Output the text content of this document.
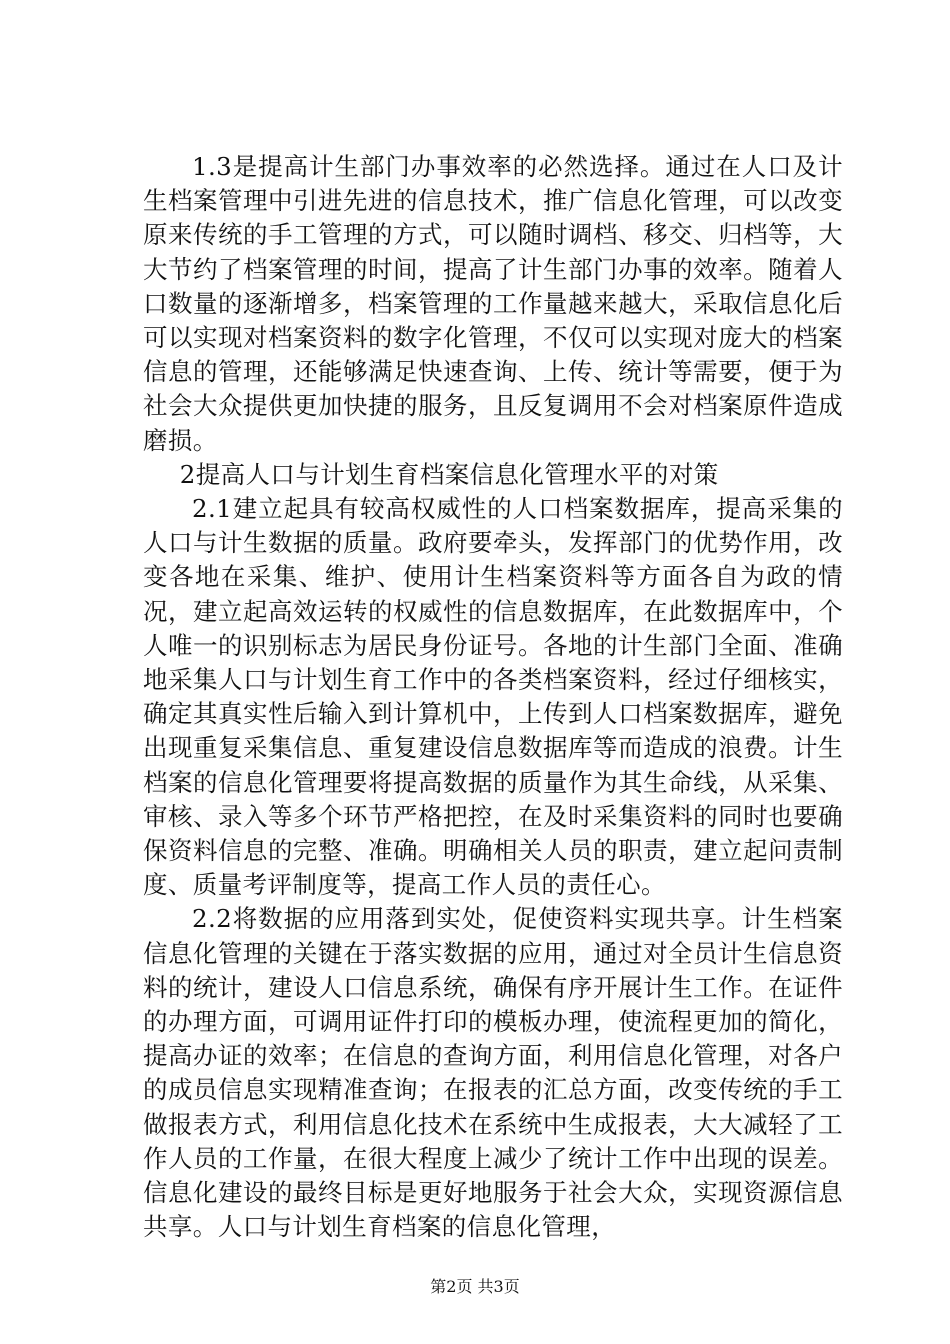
1.3是提高计生部门办事效率的必然选择。通过在人口及计生档案管理中引进先进的信息技术，推广信息化管理，可以改变原来传统的手工管理的方式，可以随时调档、移交、归档等，大大节约了档案管理的时间，提高了计生部门办事的效率。随着人口数量的逐渐增多，档案管理的工作量越来越大，采取信息化后可以实现对档案资料的数字化管理，不仅可以实现对庞大的档案信息的管理，还能够满足快速查询、上传、统计等需要，便于为社会大众提供更加快捷的服务，且反复调用不会对档案原件造成磨损。

2提高人口与计划生育档案信息化管理水平的对策

2.1建立起具有较高权威性的人口档案数据库，提高采集的人口与计生数据的质量。政府要牵头，发挥部门的优势作用，改变各地在采集、维护、使用计生档案资料等方面各自为政的情况，建立起高效运转的权威性的信息数据库，在此数据库中，个人唯一的识别标志为居民身份证号。各地的计生部门全面、准确地采集人口与计划生育工作中的各类档案资料，经过仔细核实，确定其真实性后输入到计算机中，上传到人口档案数据库，避免出现重复采集信息、重复建设信息数据库等而造成的浪费。计生档案的信息化管理要将提高数据的质量作为其生命线，从采集、审核、录入等多个环节严格把控，在及时采集资料的同时也要确保资料信息的完整、准确。明确相关人员的职责，建立起问责制度、质量考评制度等，提高工作人员的责任心。

2.2将数据的应用落到实处，促使资料实现共享。计生档案信息化管理的关键在于落实数据的应用，通过对全员计生信息资料的统计，建设人口信息系统，确保有序开展计生工作。在证件的办理方面，可调用证件打印的模板办理，使流程更加的简化，提高办证的效率；在信息的查询方面，利用信息化管理，对各户的成员信息实现精准查询；在报表的汇总方面，改变传统的手工做报表方式，利用信息化技术在系统中生成报表，大大减轻了工作人员的工作量，在很大程度上减少了统计工作中出现的误差。信息化建设的最终目标是更好地服务于社会大众，实现资源信息共享。人口与计划生育档案的信息化管理，

第2页 共3页
